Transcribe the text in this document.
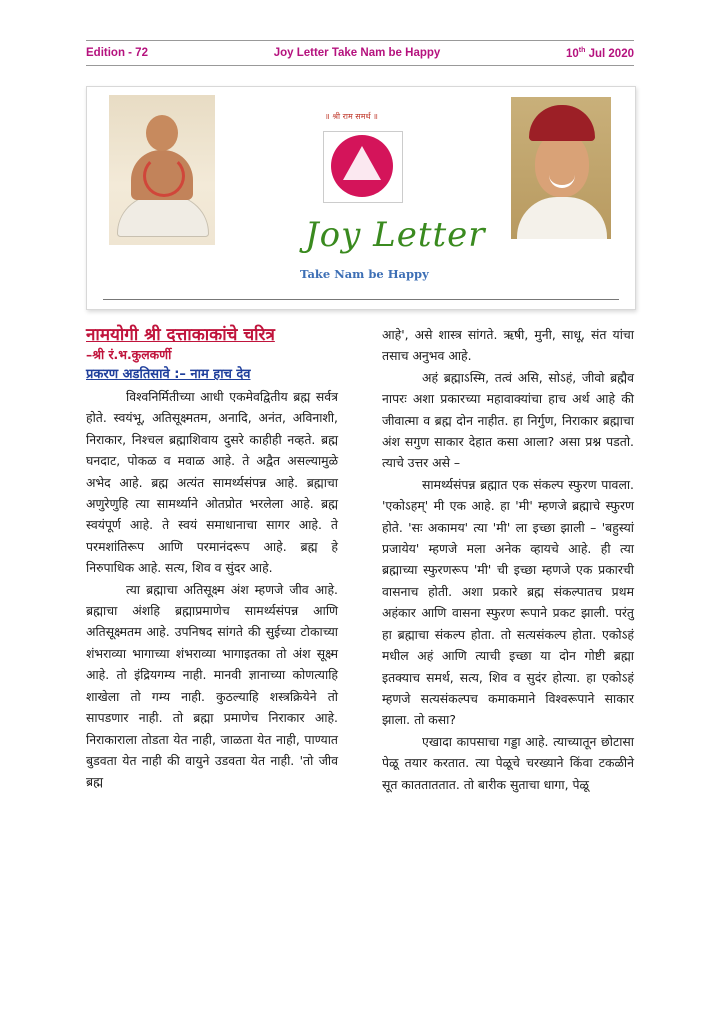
Edition - 72	Joy Letter Take Nam be Happy	10th Jul 2020
॥ श्री राम समर्थ ॥
Joy Letter
Take Nam be Happy

नामयोगी श्री दत्ताकाकांचे चरित्र

–श्री रं.भ.कुलकर्णी

प्रकरण अडतिसावे :– नाम हाच देव

विश्वनिर्मितीच्या आधी एकमेवद्वितीय ब्रह्म सर्वत्र होते. स्वयंभू, अतिसूक्ष्मतम, अनादि, अनंत, अविनाशी, निराकार, निश्चल ब्रह्माशिवाय दुसरे काहीही नव्हते. ब्रह्म घनदाट, पोकळ व मवाळ आहे. ते अद्वैत असल्यामुळे अभेद आहे. ब्रह्म अत्यंत सामर्थ्यसंपन्न आहे. ब्रह्माचा अणुरेणुहि त्या सामर्थ्याने ओतप्रोत भरलेला आहे. ब्रह्म स्वयंपूर्ण आहे. ते स्वयं समाधानाचा सागर आहे. ते परमशांतिरूप आणि परमानंदरूप आहे. ब्रह्म हे निरुपाधिक आहे. सत्य, शिव व सुंदर आहे.

त्या ब्रह्माचा अतिसूक्ष्म अंश म्हणजे जीव आहे. ब्रह्माचा अंशहि ब्रह्माप्रमाणेच सामर्थ्यसंपन्न आणि अतिसूक्ष्मतम आहे. उपनिषद सांगते की सुईच्या टोकाच्या शंभराव्या भागाच्या शंभराव्या भागाइतका तो अंश सूक्ष्म आहे. तो इंद्रियगम्य नाही. मानवी ज्ञानाच्या कोणत्याहि शाखेला तो गम्य नाही. कुठल्याहि शस्त्रक्रियेने तो सापडणार नाही. तो ब्रह्मा प्रमाणेच निराकार आहे. निराकाराला तोडता येत नाही, जाळता येत नाही, पाण्यात बुडवता येत नाही की वायुने उडवता येत नाही. 'तो जीव ब्रह्म

आहे', असे शास्त्र सांगते. ऋषी, मुनी, साधू, संत यांचा तसाच अनुभव आहे.

अहं ब्रह्माऽस्मि, तत्वं असि, सोऽहं, जीवो ब्रह्मैव नापरः अशा प्रकारच्या महावाक्यांचा हाच अर्थ आहे की जीवात्मा व ब्रह्म दोन नाहीत. हा निर्गुण, निराकार ब्रह्माचा अंश सगुण साकार देहात कसा आला? असा प्रश्न पडतो. त्याचे उत्तर असे –

सामर्थ्यसंपन्न ब्रह्मात एक संकल्प स्फुरण पावला. 'एकोऽहम्' मी एक आहे. हा 'मी' म्हणजे ब्रह्माचे स्फुरण होते. 'सः अकामय' त्या 'मी' ला इच्छा झाली – 'बहुस्यां प्रजायेय' म्हणजे मला अनेक व्हायचे आहे. ही त्या ब्रह्माच्या स्फुरणरूप 'मी' ची इच्छा म्हणजे एक प्रकारची वासनाच होती. अशा प्रकारे ब्रह्म संकल्पातच प्रथम अहंकार आणि वासना स्फुरण रूपाने प्रकट झाली. परंतु हा ब्रह्माचा संकल्प होता. तो सत्यसंकल्प होता. एकोऽहं मधील अहं आणि त्याची इच्छा या दोन गोष्टी ब्रह्मा इतक्याच समर्थ, सत्य, शिव व सुदंर होत्या. हा एकोऽहं म्हणजे सत्यसंकल्पच कमाकमाने विश्वरूपाने साकार झाला. तो कसा?

एखादा कापसाचा गड्डा आहे. त्याच्यातून छोटासा पेळू तयार करतात. त्या पेळूचे चरख्याने किंवा टकळीने सूत कातताततात. तो बारीक सुताचा धागा, पेळू
